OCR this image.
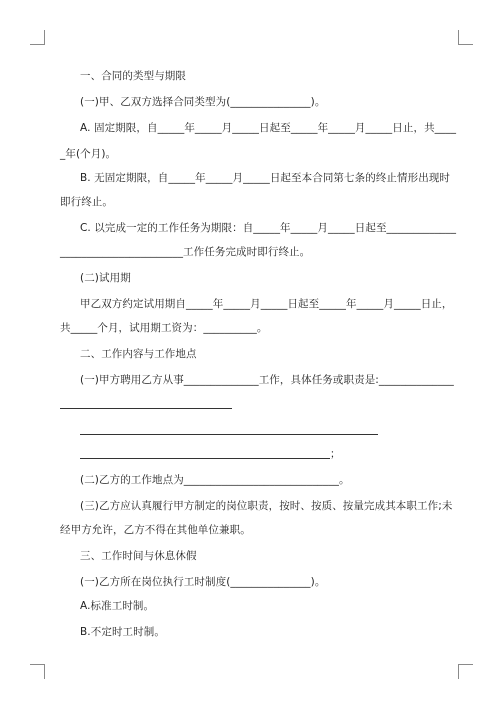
一、合同的类型与期限
(一)甲、乙双方选择合同类型为(_______________)。
A. 固定期限，自_____年_____月_____日起至_____年_____月_____日止，共____
_年(个月)。
B. 无固定期限，自_____年_____月_____日起至本合同第七条的终止情形出现时
即行终止。
C. 以完成一定的工作任务为期限：自_____年_____月_____日起至_____________
_______________________工作任务完成时即行终止。
(二)试用期
甲乙双方约定试用期自_____年_____月_____日起至_____年_____月_____日止，
共_____个月，试用期工资为：__________。
二、工作内容与工作地点
(一)甲方聘用乙方从事______________工作，具体任务或职责是:______________
；
(二)乙方的工作地点为_____________________________。
(三)乙方应认真履行甲方制定的岗位职责，按时、按质、按量完成其本职工作;未
经甲方允许，乙方不得在其他单位兼职。
三、工作时间与休息休假
(一)乙方所在岗位执行工时制度(_______________)。
A.标准工时制。
B.不定时工时制。
